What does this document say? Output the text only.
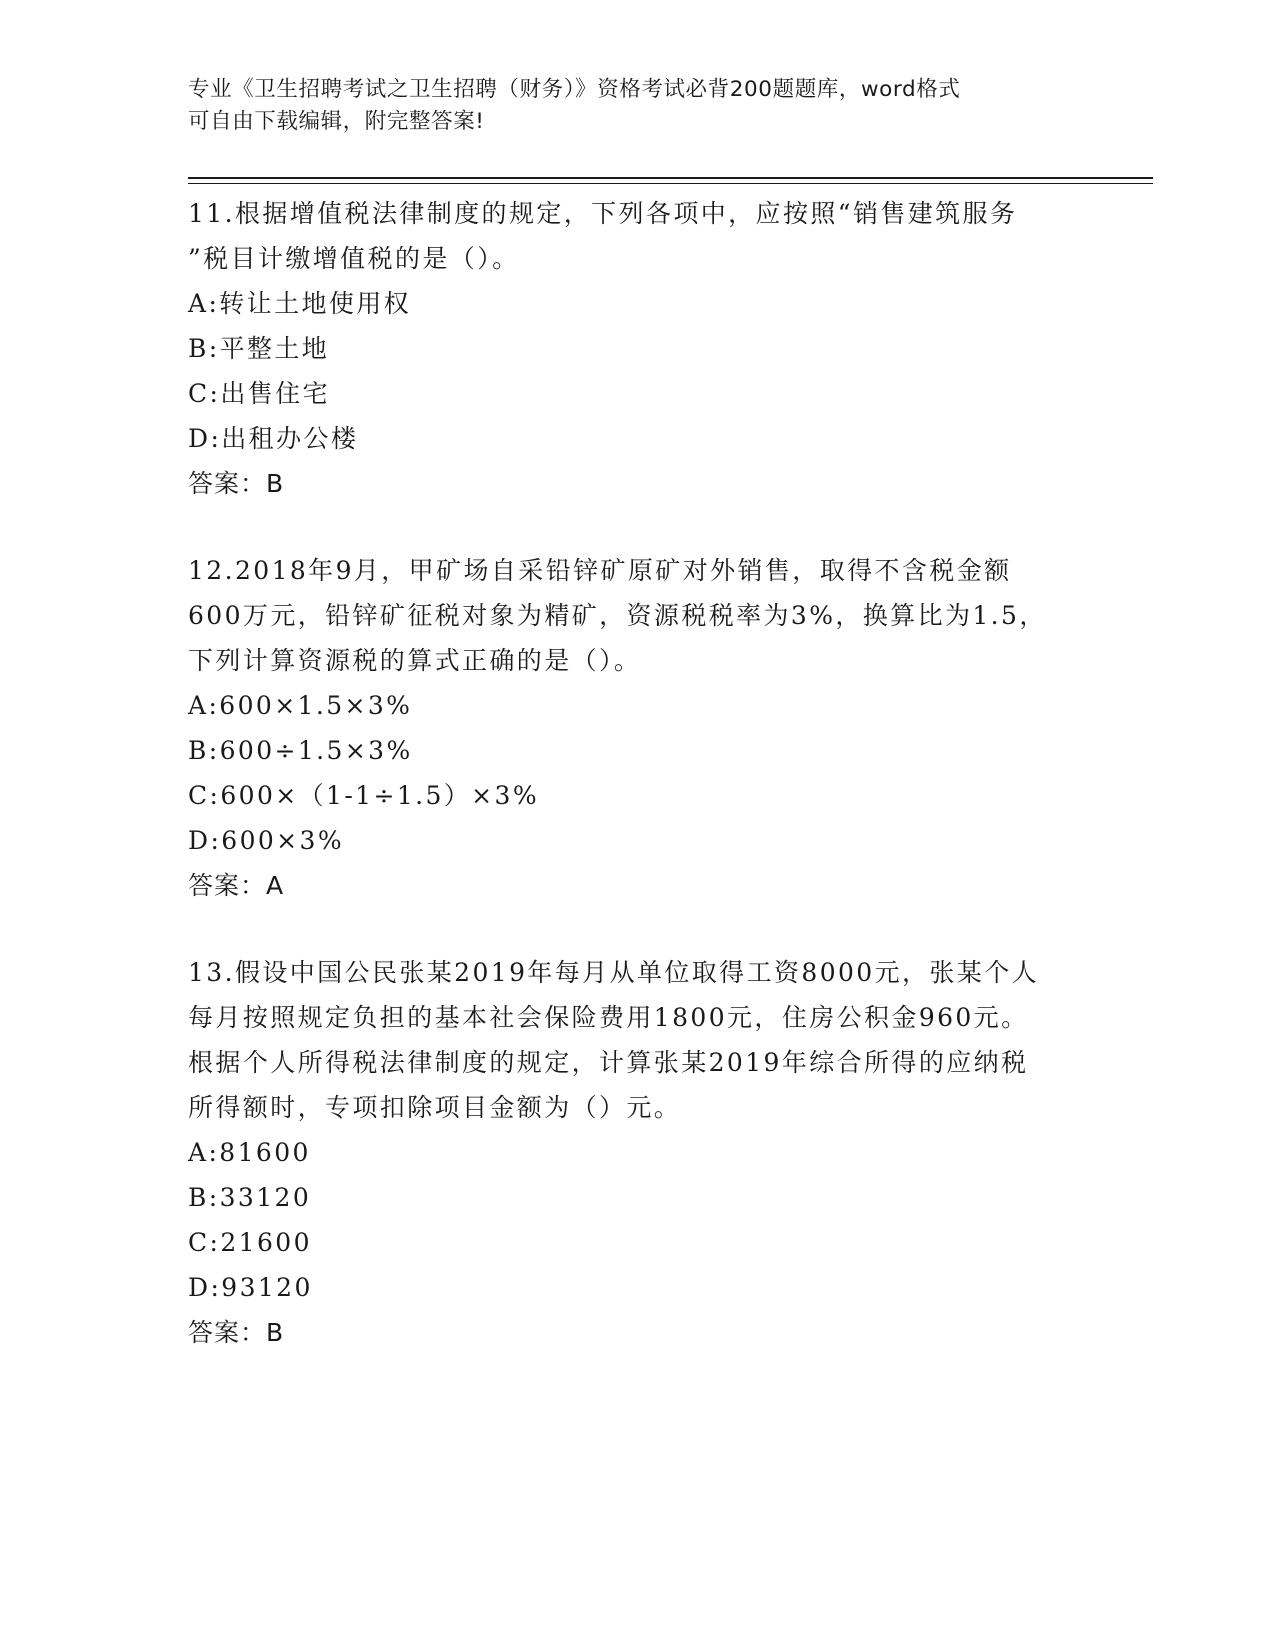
专业《卫生招聘考试之卫生招聘（财务）》资格考试必背200题题库，word格式
可自由下载编辑，附完整答案!
11.根据增值税法律制度的规定，下列各项中，应按照“销售建筑服务
”税目计缴增值税的是（）。
A:转让土地使用权
B:平整土地
C:出售住宅
D:出租办公楼
答案：B
12.2018年9月，甲矿场自采铅锌矿原矿对外销售，取得不含税金额
600万元，铅锌矿征税对象为精矿，资源税税率为3%，换算比为1.5，
下列计算资源税的算式正确的是（）。
A:600×1.5×3%
B:600÷1.5×3%
C:600×（1-1÷1.5）×3%
D:600×3%
答案：A
13.假设中国公民张某2019年每月从单位取得工资8000元，张某个人
每月按照规定负担的基本社会保险费用1800元，住房公积金960元。
根据个人所得税法律制度的规定，计算张某2019年综合所得的应纳税
所得额时，专项扣除项目金额为（）元。
A:81600
B:33120
C:21600
D:93120
答案：B
